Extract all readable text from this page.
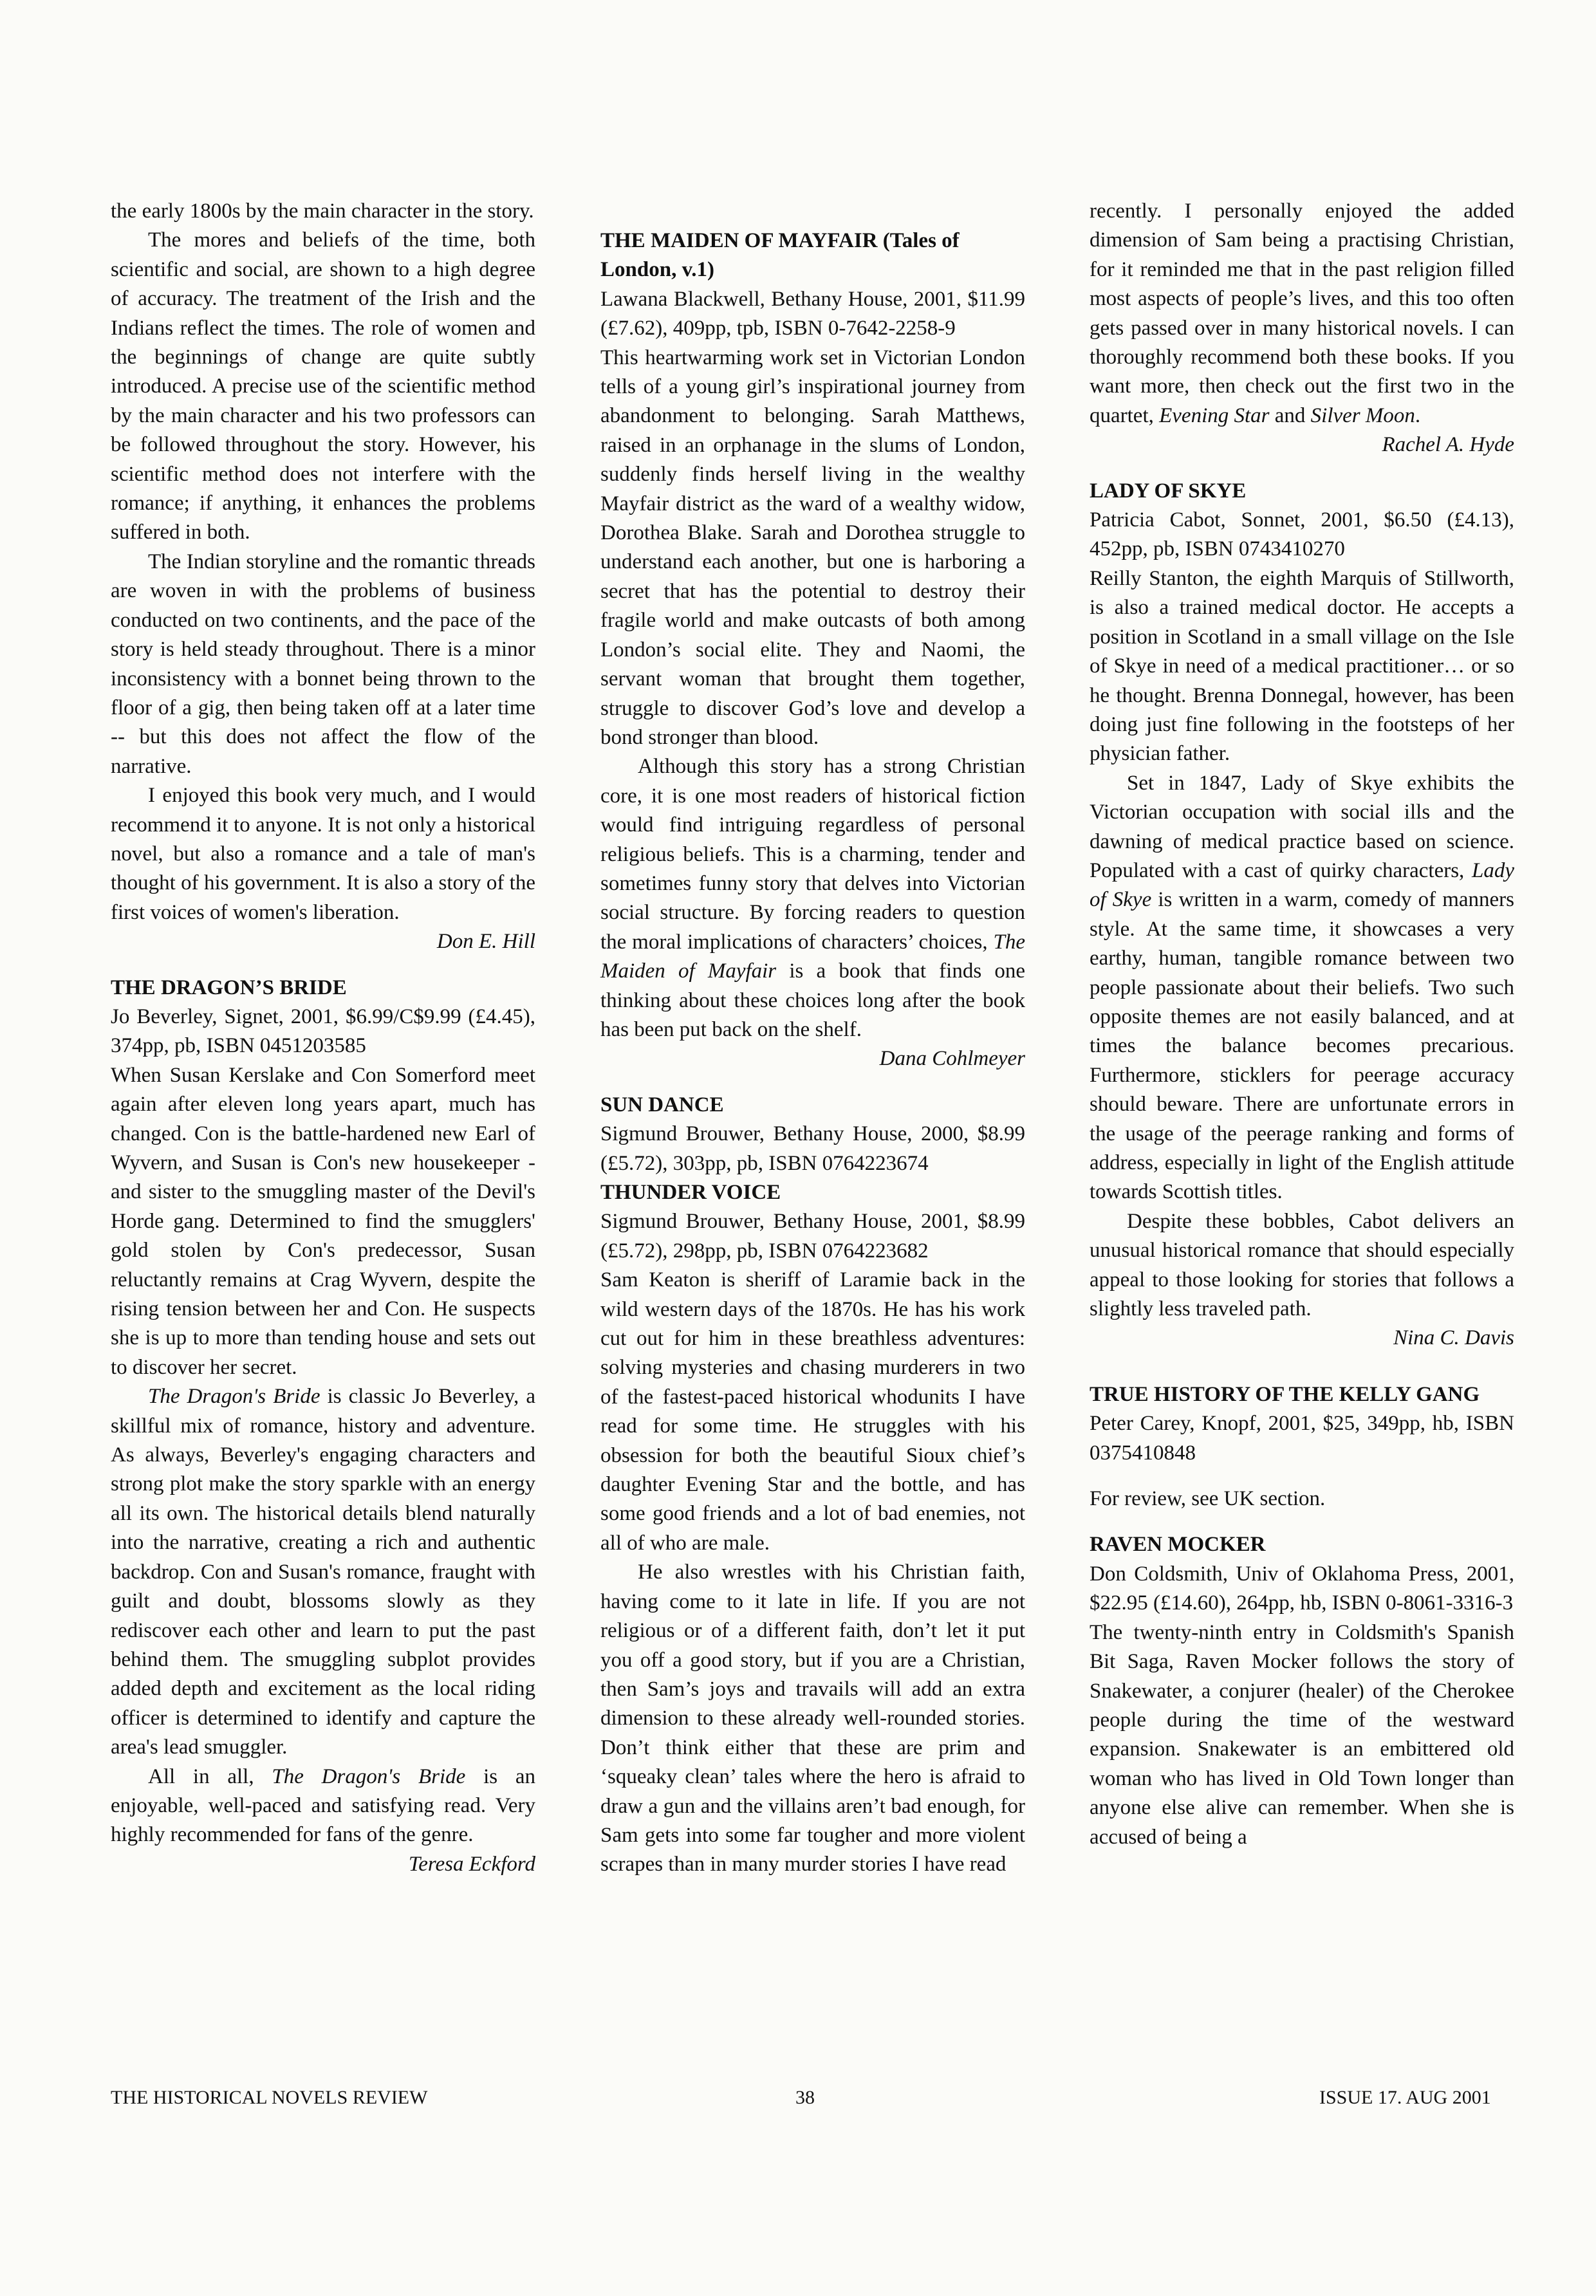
the early 1800s by the main character in the story.

The mores and beliefs of the time, both scientific and social, are shown to a high degree of accuracy. The treatment of the Irish and the Indians reflect the times. The role of women and the beginnings of change are quite subtly introduced. A precise use of the scientific method by the main character and his two professors can be followed throughout the story. However, his scientific method does not interfere with the romance; if anything, it enhances the problems suffered in both.

The Indian storyline and the romantic threads are woven in with the problems of business conducted on two continents, and the pace of the story is held steady throughout. There is a minor inconsistency with a bonnet being thrown to the floor of a gig, then being taken off at a later time -- but this does not affect the flow of the narrative.

I enjoyed this book very much, and I would recommend it to anyone. It is not only a historical novel, but also a romance and a tale of man's thought of his government. It is also a story of the first voices of women's liberation.

Don E. Hill

THE DRAGON’S BRIDE

Jo Beverley, Signet, 2001, $6.99/C$9.99 (£4.45), 374pp, pb, ISBN 0451203585

When Susan Kerslake and Con Somerford meet again after eleven long years apart, much has changed. Con is the battle-hardened new Earl of Wyvern, and Susan is Con's new housekeeper - and sister to the smuggling master of the Devil's Horde gang. Determined to find the smugglers' gold stolen by Con's predecessor, Susan reluctantly remains at Crag Wyvern, despite the rising tension between her and Con. He suspects she is up to more than tending house and sets out to discover her secret.

The Dragon's Bride is classic Jo Beverley, a skillful mix of romance, history and adventure. As always, Beverley's engaging characters and strong plot make the story sparkle with an energy all its own. The historical details blend naturally into the narrative, creating a rich and authentic backdrop. Con and Susan's romance, fraught with guilt and doubt, blossoms slowly as they rediscover each other and learn to put the past behind them. The smuggling subplot provides added depth and excitement as the local riding officer is determined to identify and capture the area's lead smuggler.

All in all, The Dragon's Bride is an enjoyable, well-paced and satisfying read. Very highly recommended for fans of the genre.

Teresa Eckford

THE MAIDEN OF MAYFAIR (Tales of London, v.1)

Lawana Blackwell, Bethany House, 2001, $11.99 (£7.62), 409pp, tpb, ISBN 0-7642-2258-9

This heartwarming work set in Victorian London tells of a young girl’s inspirational journey from abandonment to belonging. Sarah Matthews, raised in an orphanage in the slums of London, suddenly finds herself living in the wealthy Mayfair district as the ward of a wealthy widow, Dorothea Blake. Sarah and Dorothea struggle to understand each another, but one is harboring a secret that has the potential to destroy their fragile world and make outcasts of both among London’s social elite. They and Naomi, the servant woman that brought them together, struggle to discover God’s love and develop a bond stronger than blood.

Although this story has a strong Christian core, it is one most readers of historical fiction would find intriguing regardless of personal religious beliefs. This is a charming, tender and sometimes funny story that delves into Victorian social structure. By forcing readers to question the moral implications of characters’ choices, The Maiden of Mayfair is a book that finds one thinking about these choices long after the book has been put back on the shelf.

Dana Cohlmeyer

SUN DANCE

Sigmund Brouwer, Bethany House, 2000, $8.99 (£5.72), 303pp, pb, ISBN 0764223674

THUNDER VOICE

Sigmund Brouwer, Bethany House, 2001, $8.99 (£5.72), 298pp, pb, ISBN 0764223682

Sam Keaton is sheriff of Laramie back in the wild western days of the 1870s. He has his work cut out for him in these breathless adventures: solving mysteries and chasing murderers in two of the fastest-paced historical whodunits I have read for some time. He struggles with his obsession for both the beautiful Sioux chief’s daughter Evening Star and the bottle, and has some good friends and a lot of bad enemies, not all of who are male.

He also wrestles with his Christian faith, having come to it late in life. If you are not religious or of a different faith, don’t let it put you off a good story, but if you are a Christian, then Sam’s joys and travails will add an extra dimension to these already well-rounded stories. Don’t think either that these are prim and ‘squeaky clean’ tales where the hero is afraid to draw a gun and the villains aren’t bad enough, for Sam gets into some far tougher and more violent scrapes than in many murder stories I have read

recently. I personally enjoyed the added dimension of Sam being a practising Christian, for it reminded me that in the past religion filled most aspects of people’s lives, and this too often gets passed over in many historical novels. I can thoroughly recommend both these books. If you want more, then check out the first two in the quartet, Evening Star and Silver Moon.

Rachel A. Hyde

LADY OF SKYE

Patricia Cabot, Sonnet, 2001, $6.50 (£4.13), 452pp, pb, ISBN 0743410270

Reilly Stanton, the eighth Marquis of Stillworth, is also a trained medical doctor. He accepts a position in Scotland in a small village on the Isle of Skye in need of a medical practitioner… or so he thought. Brenna Donnegal, however, has been doing just fine following in the footsteps of her physician father.

Set in 1847, Lady of Skye exhibits the Victorian occupation with social ills and the dawning of medical practice based on science. Populated with a cast of quirky characters, Lady of Skye is written in a warm, comedy of manners style. At the same time, it showcases a very earthy, human, tangible romance between two people passionate about their beliefs. Two such opposite themes are not easily balanced, and at times the balance becomes precarious. Furthermore, sticklers for peerage accuracy should beware. There are unfortunate errors in the usage of the peerage ranking and forms of address, especially in light of the English attitude towards Scottish titles.

Despite these bobbles, Cabot delivers an unusual historical romance that should especially appeal to those looking for stories that follows a slightly less traveled path.

Nina C. Davis

TRUE HISTORY OF THE KELLY GANG

Peter Carey, Knopf, 2001, $25, 349pp, hb, ISBN 0375410848

For review, see UK section.

RAVEN MOCKER

Don Coldsmith, Univ of Oklahoma Press, 2001, $22.95 (£14.60), 264pp, hb, ISBN 0-8061-3316-3

The twenty-ninth entry in Coldsmith's Spanish Bit Saga, Raven Mocker follows the story of Snakewater, a conjurer (healer) of the Cherokee people during the time of the westward expansion. Snakewater is an embittered old woman who has lived in Old Town longer than anyone else alive can remember. When she is accused of being a

THE HISTORICAL NOVELS REVIEW	38	ISSUE 17. AUG 2001
